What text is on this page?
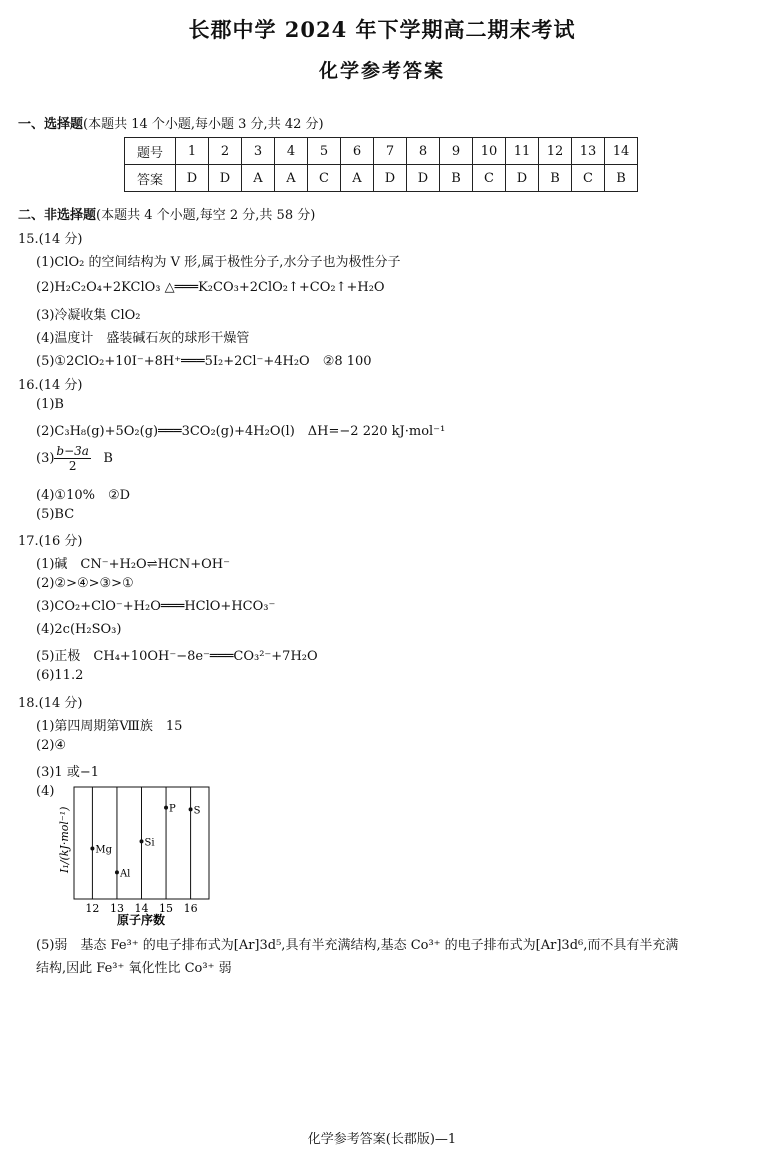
长郡中学 2024 年下学期高二期末考试
化学参考答案
一、选择题(本题共 14 个小题,每小题 3 分,共 42 分)
题号	1	2	3	4	5	6	7	8	9	10	11	12	13	14
答案	D	D	A	A	C	A	D	D	B	C	D	B	C	B
二、非选择题(本题共 4 个小题,每空 2 分,共 58 分)
15.(14 分)
(1)ClO₂ 的空间结构为 V 形,属于极性分子,水分子也为极性分子
(2)H₂C₂O₄+2KClO₃ △═══K₂CO₃+2ClO₂↑+CO₂↑+H₂O
(3)冷凝收集 ClO₂
(4)温度计　盛装碱石灰的球形干燥管
(5)①2ClO₂+10I⁻+8H⁺═══5I₂+2Cl⁻+4H₂O　②8 100
16.(14 分)
(1)B
(2)C₃H₈(g)+5O₂(g)═══3CO₂(g)+4H₂O(l)　ΔH=−2 220 kJ·mol⁻¹
$(3) \frac{b-3a}{2}$ B
(4)①10%　②D
(5)BC
17.(16 分)
(1)碱　CN⁻+H₂O⇌HCN+OH⁻
(2)②>④>③>①
(3)CO₂+ClO⁻+H₂O═══HClO+HCO₃⁻
(4)2c(H₂SO₃)
(5)正极　CH₄+10OH⁻−8e⁻═══CO₃²⁻+7H₂O
(6)11.2
18.(14 分)
(1)第四周期第Ⅷ族　15
(2)④
(3)1 或−1
(4)
I₁/(kJ·mol⁻¹)
原子序数
12
Mg
13
Al
14
Si
15
P
16
S
(5)弱　基态 Fe³⁺ 的电子排布式为[Ar]3d⁵,具有半充满结构,基态 Co³⁺ 的电子排布式为[Ar]3d⁶,而不具有半充满
结构,因此 Fe³⁺ 氧化性比 Co³⁺ 弱
化学参考答案(长郡版)—1
